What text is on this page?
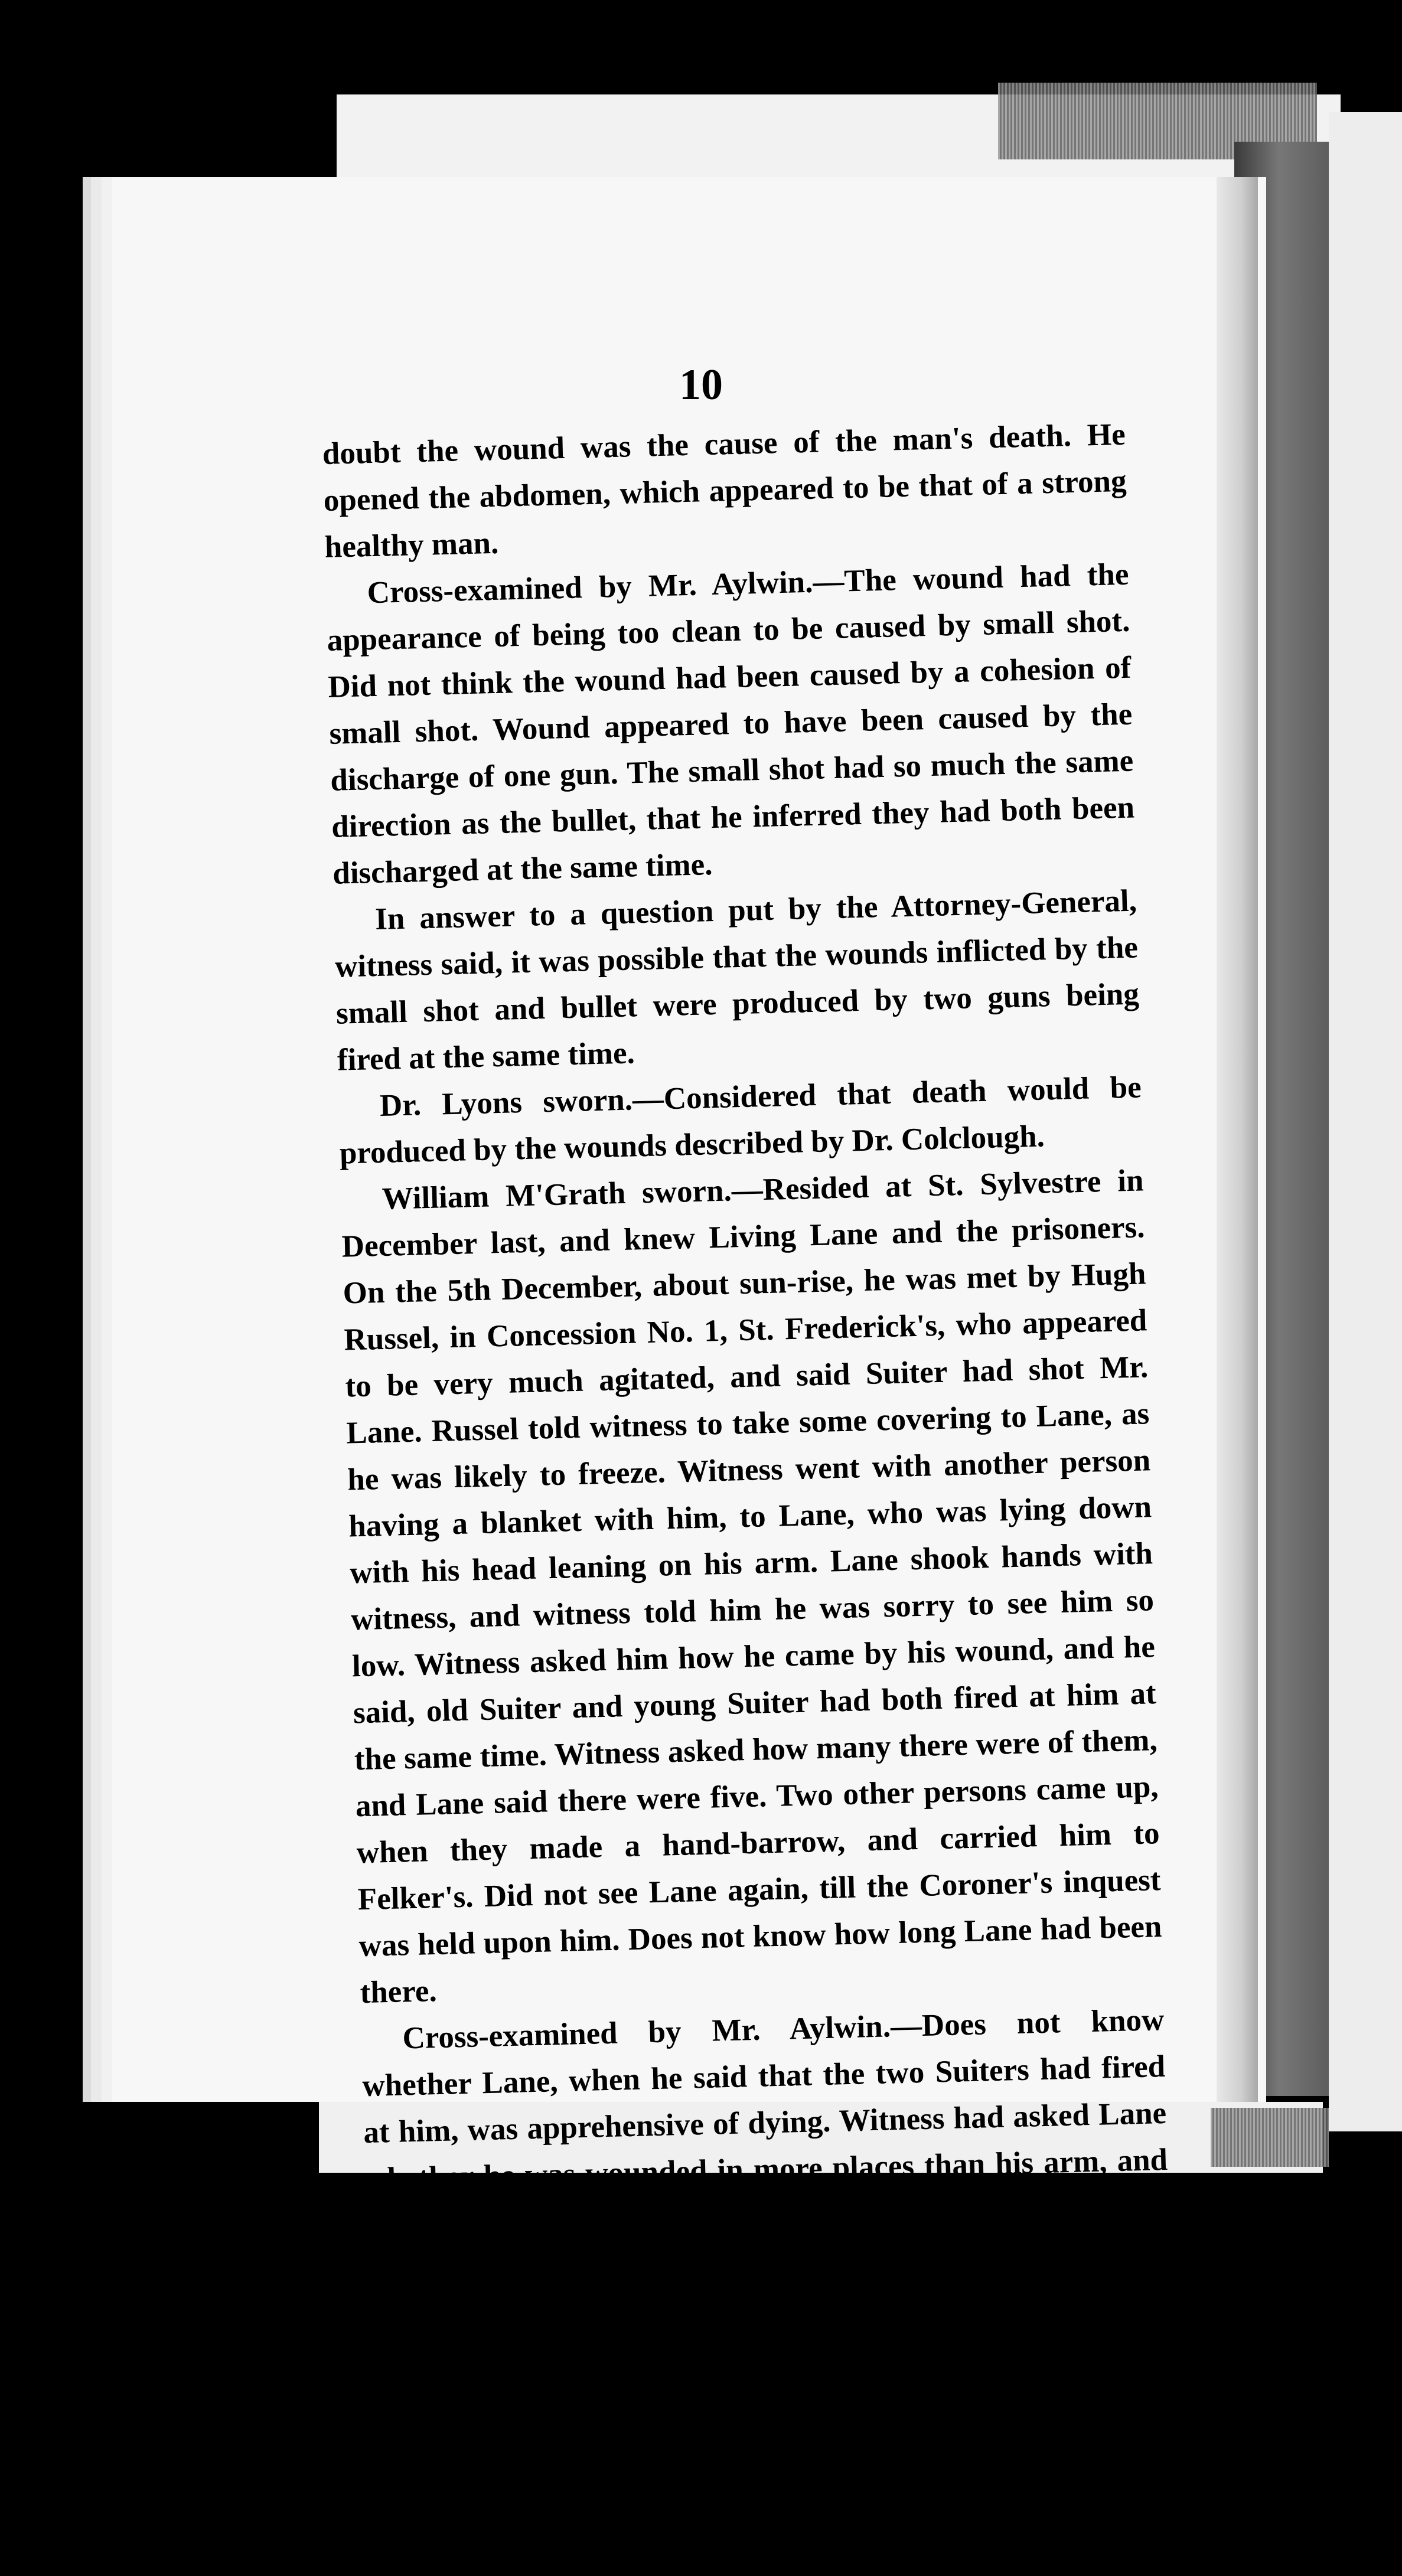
10

doubt the wound was the cause of the man's death. He opened the abdomen, which appeared to be that of a strong healthy man.

Cross-examined by Mr. Aylwin.—The wound had the appearance of being too clean to be caused by small shot. Did not think the wound had been caused by a cohesion of small shot. Wound appeared to have been caused by the discharge of one gun. The small shot had so much the same direction as the bullet, that he inferred they had both been discharged at the same time.

In answer to a question put by the Attorney-General, witness said, it was possible that the wounds inflicted by the small shot and bullet were produced by two guns being fired at the same time.

Dr. Lyons sworn.—Considered that death would be produced by the wounds described by Dr. Colclough.

William M'Grath sworn.—Resided at St. Sylvestre in December last, and knew Living Lane and the prisoners. On the 5th December, about sun-rise, he was met by Hugh Russel, in Concession No. 1, St. Frederick's, who appeared to be very much agitated, and said Suiter had shot Mr. Lane. Russel told witness to take some covering to Lane, as he was likely to freeze. Witness went with another person having a blanket with him, to Lane, who was lying down with his head leaning on his arm. Lane shook hands with witness, and witness told him he was sorry to see him so low. Witness asked him how he came by his wound, and he said, old Suiter and young Suiter had both fired at him at the same time. Witness asked how many there were of them, and Lane said there were five. Two other persons came up, when they made a hand-barrow, and carried him to Felker's. Did not see Lane again, till the Coroner's inquest was held upon him. Does not know how long Lane had been there.

Cross-examined by Mr. Aylwin.—Does not know whether Lane, when he said that the two Suiters had fired at him, was apprehensive of dying. Witness had asked Lane whether he was wounded in more places than his arm, and he said he had a charge in the small of his back. Witness has been living for some time at St. Sylvestre, and believes that Suiter made part of the clearance, and Felker another part. Never heard any thing against the character of the Suiters.

James Hagan sworn.—Lived at St. Sylvestre, next neighbour to last witness. In Decr. last was called upon by him to go to the assistance of Living Lane who had been shot.
